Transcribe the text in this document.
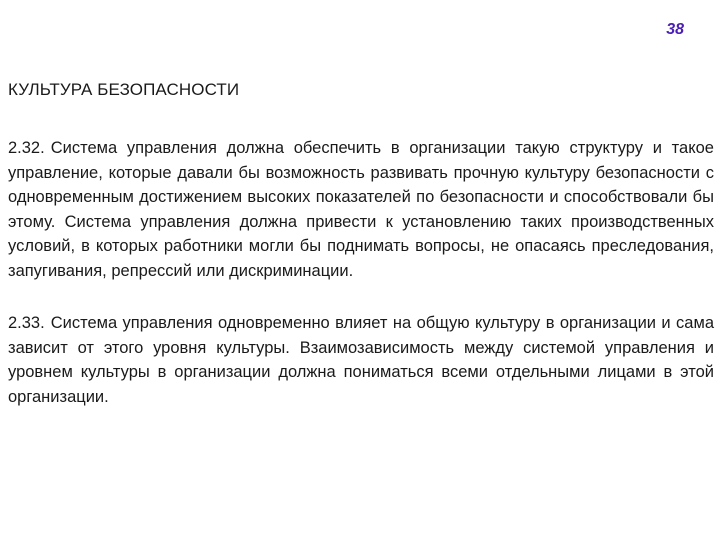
38
КУЛЬТУРА БЕЗОПАСНОСТИ

2.32. Система управления должна обеспечить в организации такую структуру и такое управление, которые давали бы возможность развивать прочную культуру безопасности с одновременным достижением высоких показателей по безопасности и способствовали бы этому. Система управления должна привести к установлению таких производственных условий, в которых работники могли бы поднимать вопросы, не опасаясь преследования, запугивания, репрессий или дискриминации.

2.33. Система управления одновременно влияет на общую культуру в организации и сама зависит от этого уровня культуры. Взаимозависимость между системой управления и уровнем культуры в организации должна пониматься всеми отдельными лицами в этой организации.
